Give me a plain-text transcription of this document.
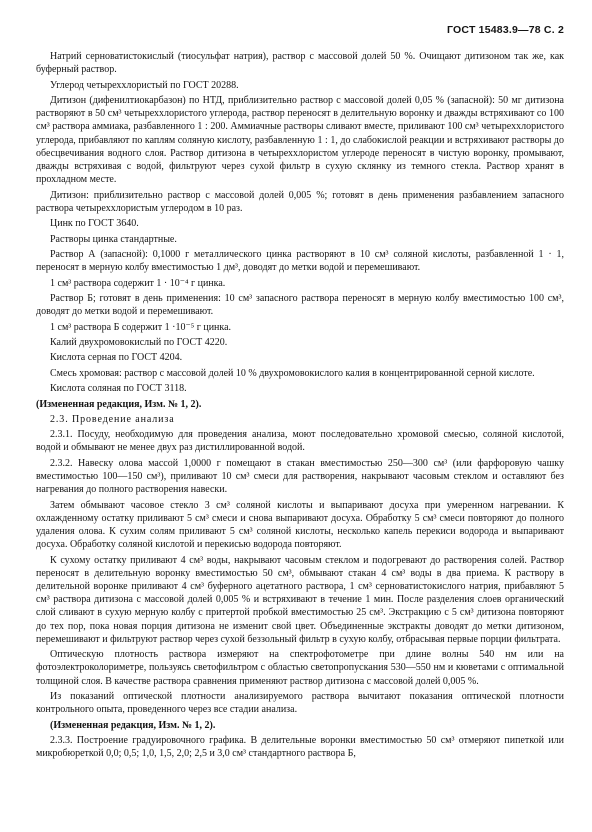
ГОСТ 15483.9—78 С. 2

Натрий серноватистокислый (тиосульфат натрия), раствор с массовой долей 50 %. Очищают дитизоном так же, как буферный раствор.

Углерод четыреххлористый по ГОСТ 20288.

Дитизон (дифенилтиокарбазон) по НТД, приблизительно раствор с массовой долей 0,05 % (запасной): 50 мг дитизона растворяют в 50 см³ четыреххлористого углерода, раствор переносят в делительную воронку и дважды встряхивают со 100 см³ раствора аммиака, разбавленного 1 : 200. Аммиачные растворы сливают вместе, приливают 100 см³ четыреххлористого углерода, прибавляют по каплям соляную кислоту, разбавленную 1 : 1, до слабокислой реакции и встряхивают растворы до обесцвечивания водного слоя. Раствор дитизона в четыреххлористом углероде переносят в чистую воронку, промывают, дважды встряхивая с водой, фильтруют через сухой фильтр в сухую склянку из темного стекла. Раствор хранят в прохладном месте.

Дитизон: приблизительно раствор с массовой долей 0,005 %; готовят в день применения разбавлением запасного раствора четыреххлористым углеродом в 10 раз.

Цинк по ГОСТ 3640.

Растворы цинка стандартные.

Раствор А (запасной): 0,1000 г металлического цинка растворяют в 10 см³ соляной кислоты, разбавленной 1 · 1, переносят в мерную колбу вместимостью 1 дм³, доводят до метки водой и перемешивают.

1 см³ раствора содержит 1 · 10⁻⁴ г цинка.

Раствор Б; готовят в день применения: 10 см³ запасного раствора переносят в мерную колбу вместимостью 100 см³, доводят до метки водой и перемешивают.

1 см³ раствора Б содержит 1 ·10⁻⁵ г цинка.

Калий двухромовокислый по ГОСТ 4220.

Кислота серная по ГОСТ 4204.

Смесь хромовая: раствор с массовой долей 10 % двухромовокислого калия в концентрированной серной кислоте.

Кислота соляная по ГОСТ 3118.

(Измененная редакция, Изм. № 1, 2).

2.3. Проведение анализа

2.3.1. Посуду, необходимую для проведения анализа, моют последовательно хромовой смесью, соляной кислотой, водой и обмывают не менее двух раз дистиллированной водой.

2.3.2. Навеску олова массой 1,0000 г помещают в стакан вместимостью 250—300 см³ (или фарфоровую чашку вместимостью 100—150 см³), приливают 10 см³ смеси для растворения, накрывают часовым стеклом и оставляют без нагревания до полного растворения навески.

Затем обмывают часовое стекло 3 см³ соляной кислоты и выпаривают досуха при умеренном нагревании. К охлажденному остатку приливают 5 см³ смеси и снова выпаривают досуха. Обработку 5 см³ смеси повторяют до полного удаления олова. К сухим солям приливают 5 см³ соляной кислоты, несколько капель перекиси водорода и выпаривают досуха. Обработку соляной кислотой и перекисью водорода повторяют.

К сухому остатку приливают 4 см³ воды, накрывают часовым стеклом и подогревают до растворения солей. Раствор переносят в делительную воронку вместимостью 50 см³, обмывают стакан 4 см³ воды в два приема. К раствору в делительной воронке приливают 4 см³ буферного ацетатного раствора, 1 см³ серноватистокислого натрия, прибавляют 5 см³ раствора дитизона с массовой долей 0,005 % и встряхивают в течение 1 мин. После разделения слоев органический слой сливают в сухую мерную колбу с притертой пробкой вместимостью 25 см³. Экстракцию с 5 см³ дитизона повторяют до тех пор, пока новая порция дитизона не изменит свой цвет. Объединенные экстракты доводят до метки дитизоном, перемешивают и фильтруют раствор через сухой беззольный фильтр в сухую колбу, отбрасывая первые порции фильтрата.

Оптическую плотность раствора измеряют на спектрофотометре при длине волны 540 нм или на фотоэлектроколориметре, пользуясь светофильтром с областью светопропускания 530—550 нм и кюветами с оптимальной толщиной слоя. В качестве раствора сравнения применяют раствор дитизона с массовой долей 0,005 %.

Из показаний оптической плотности анализируемого раствора вычитают показания оптической плотности контрольного опыта, проведенного через все стадии анализа.

(Измененная редакция, Изм. № 1, 2).

2.3.3. Построение градуировочного графика. В делительные воронки вместимостью 50 см³ отмеряют пипеткой или микробюреткой 0,0; 0,5; 1,0, 1,5, 2,0; 2,5 и 3,0 см³ стандартного раствора Б,
